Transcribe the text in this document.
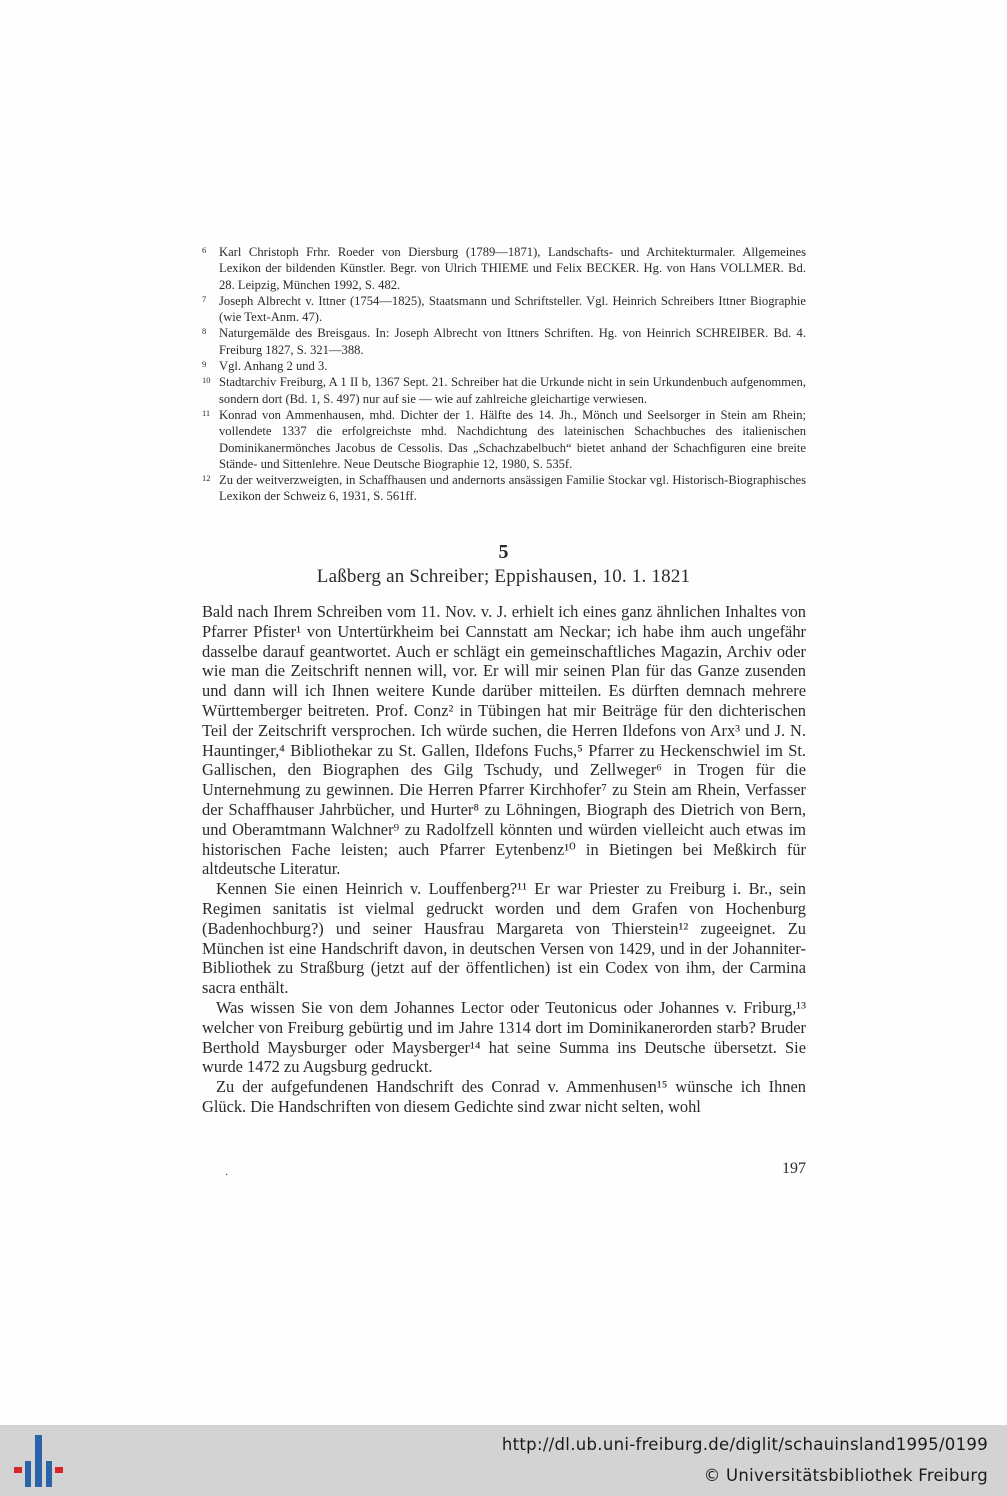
6 Karl Christoph Frhr. Roeder von Diersburg (1789—1871), Landschafts- und Architekturmaler. Allgemeines Lexikon der bildenden Künstler. Begr. von Ulrich THIEME und Felix BECKER. Hg. von Hans VOLLMER. Bd. 28. Leipzig, München 1992, S. 482.

7 Joseph Albrecht v. Ittner (1754—1825), Staatsmann und Schriftsteller. Vgl. Heinrich Schreibers Ittner Biographie (wie Text-Anm. 47).

8 Naturgemälde des Breisgaus. In: Joseph Albrecht von Ittners Schriften. Hg. von Heinrich SCHREIBER. Bd. 4. Freiburg 1827, S. 321—388.

9 Vgl. Anhang 2 und 3.

10 Stadtarchiv Freiburg, A 1 II b, 1367 Sept. 21. Schreiber hat die Urkunde nicht in sein Urkundenbuch aufgenommen, sondern dort (Bd. 1, S. 497) nur auf sie — wie auf zahlreiche gleichartige verwiesen.

11 Konrad von Ammenhausen, mhd. Dichter der 1. Hälfte des 14. Jh., Mönch und Seelsorger in Stein am Rhein; vollendete 1337 die erfolgreichste mhd. Nachdichtung des lateinischen Schachbuches des italienischen Dominikanermönches Jacobus de Cessolis. Das „Schachzabelbuch“ bietet anhand der Schachfiguren eine breite Stände- und Sittenlehre. Neue Deutsche Biographie 12, 1980, S. 535f.

12 Zu der weitverzweigten, in Schaffhausen und andernorts ansässigen Familie Stockar vgl. Historisch-Biographisches Lexikon der Schweiz 6, 1931, S. 561ff.

5
Laßberg an Schreiber; Eppishausen, 10. 1. 1821

Bald nach Ihrem Schreiben vom 11. Nov. v. J. erhielt ich eines ganz ähnlichen Inhaltes von Pfarrer Pfister¹ von Untertürkheim bei Cannstatt am Neckar; ich habe ihm auch ungefähr dasselbe darauf geantwortet. Auch er schlägt ein gemeinschaftliches Magazin, Archiv oder wie man die Zeitschrift nennen will, vor. Er will mir seinen Plan für das Ganze zusenden und dann will ich Ihnen weitere Kunde darüber mitteilen. Es dürften demnach mehrere Württemberger beitreten. Prof. Conz² in Tübingen hat mir Beiträge für den dichterischen Teil der Zeitschrift versprochen. Ich würde suchen, die Herren Ildefons von Arx³ und J. N. Hauntinger,⁴ Bibliothekar zu St. Gallen, Ildefons Fuchs,⁵ Pfarrer zu Heckenschwiel im St. Gallischen, den Biographen des Gilg Tschudy, und Zellweger⁶ in Trogen für die Unternehmung zu gewinnen. Die Herren Pfarrer Kirchhofer⁷ zu Stein am Rhein, Verfasser der Schaffhauser Jahrbücher, und Hurter⁸ zu Löhningen, Biograph des Dietrich von Bern, und Oberamtmann Walchner⁹ zu Radolfzell könnten und würden vielleicht auch etwas im historischen Fache leisten; auch Pfarrer Eytenbenz¹⁰ in Bietingen bei Meßkirch für altdeutsche Literatur.

Kennen Sie einen Heinrich v. Louffenberg?¹¹ Er war Priester zu Freiburg i. Br., sein Regimen sanitatis ist vielmal gedruckt worden und dem Grafen von Hochenburg (Badenhochburg?) und seiner Hausfrau Margareta von Thierstein¹² zugeeignet. Zu München ist eine Handschrift davon, in deutschen Versen von 1429, und in der Johanniter-Bibliothek zu Straßburg (jetzt auf der öffentlichen) ist ein Codex von ihm, der Carmina sacra enthält.

Was wissen Sie von dem Johannes Lector oder Teutonicus oder Johannes v. Friburg,¹³ welcher von Freiburg gebürtig und im Jahre 1314 dort im Dominikanerorden starb? Bruder Berthold Maysburger oder Maysberger¹⁴ hat seine Summa ins Deutsche übersetzt. Sie wurde 1472 zu Augsburg gedruckt.

Zu der aufgefundenen Handschrift des Conrad v. Ammenhusen¹⁵ wünsche ich Ihnen Glück. Die Handschriften von diesem Gedichte sind zwar nicht selten, wohl

·	197
http://dl.ub.uni-freiburg.de/diglit/schauinsland1995/0199
© Universitätsbibliothek Freiburg
